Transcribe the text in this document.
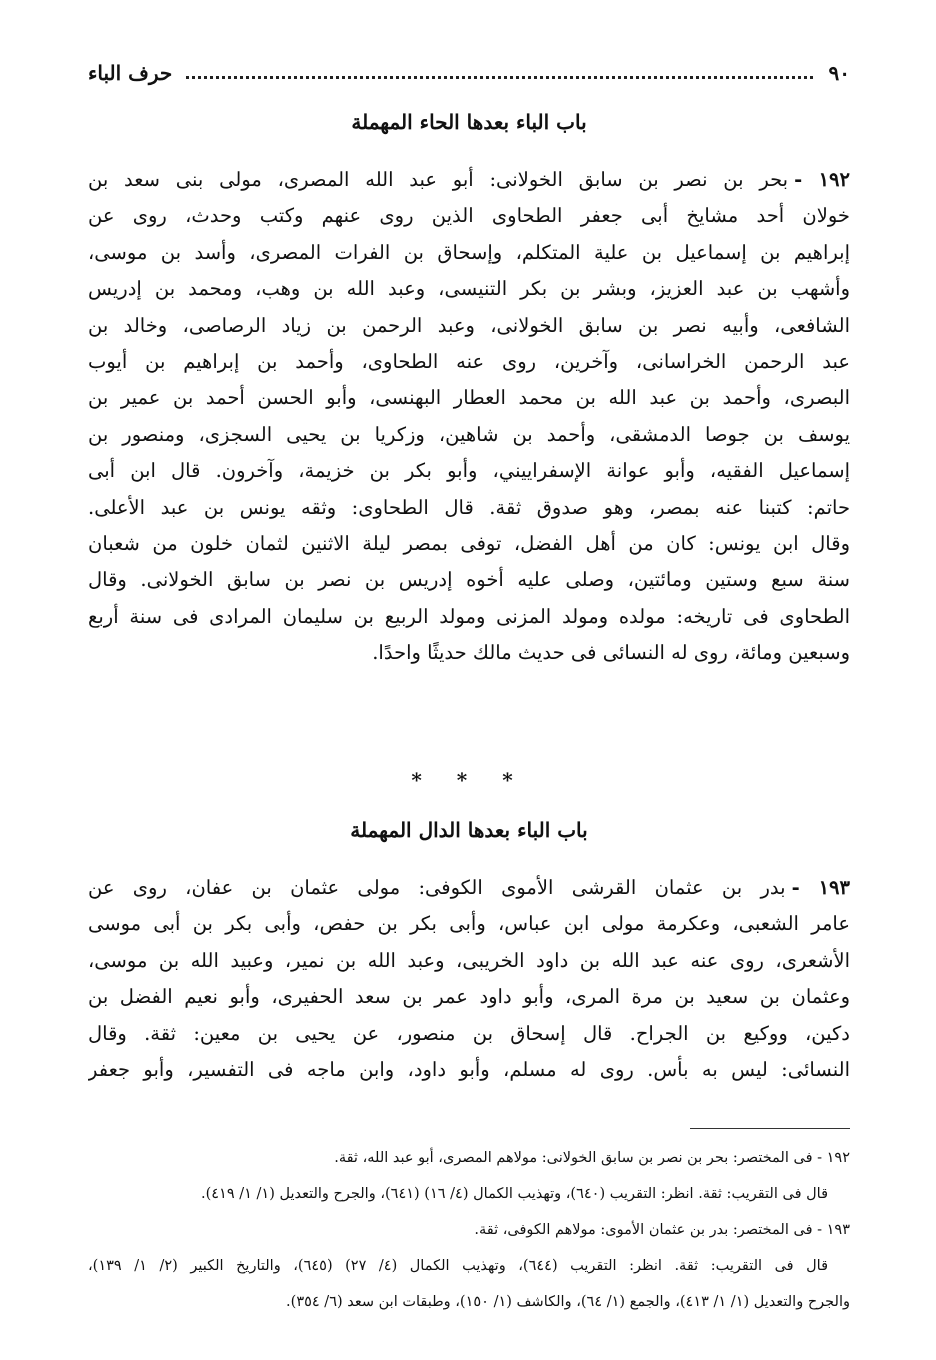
٩٠
حرف الباء
باب الباء بعدها الحاء المهملة
١٩٢ -بحر بن نصر بن سابق الخولانى: أبو عبد الله المصرى، مولى بنى سعد بن
خولان أحد مشايخ أبى جعفر الطحاوى الذين روى عنهم وكتب وحدث، روى عن
إبراهيم بن إسماعيل بن علية المتكلم، وإسحاق بن الفرات المصرى، وأسد بن موسى،
وأشهب بن عبد العزيز، وبشر بن بكر التنيسى، وعبد الله بن وهب، ومحمد بن إدريس
الشافعى، وأبيه نصر بن سابق الخولانى، وعبد الرحمن بن زياد الرصاصى، وخالد بن
عبد الرحمن الخراسانى، وآخرين، روى عنه الطحاوى، وأحمد بن إبراهيم بن أيوب
البصرى، وأحمد بن عبد الله بن محمد العطار البهنسى، وأبو الحسن أحمد بن عمير بن
يوسف بن جوصا الدمشقى، وأحمد بن شاهين، وزكريا بن يحيى السجزى، ومنصور بن
إسماعيل الفقيه، وأبو عوانة الإسفراييني، وأبو بكر بن خزيمة، وآخرون. قال ابن أبى
حاتم: كتبنا عنه بمصر، وهو صدوق ثقة. قال الطحاوى: وثقه يونس بن عبد الأعلى.
وقال ابن يونس: كان من أهل الفضل، توفى بمصر ليلة الاثنين لثمان خلون من شعبان
سنة سبع وستين ومائتين، وصلى عليه أخوه إدريس بن نصر بن سابق الخولانى. وقال
الطحاوى فى تاريخه: مولده ومولد المزنى ومولد الربيع بن سليمان المرادى فى سنة أربع
وسبعين ومائة، روى له النسائى فى حديث مالك حديثًا واحدًا.
* * *
باب الباء بعدها الدال المهملة
١٩٣ -بدر بن عثمان القرشى الأموى الكوفى: مولى عثمان بن عفان، روى عن
عامر الشعبى، وعكرمة مولى ابن عباس، وأبى بكر بن حفص، وأبى بكر بن أبى موسى
الأشعرى، روى عنه عبد الله بن داود الخريبى، وعبد الله بن نمير، وعبيد الله بن موسى،
وعثمان بن سعيد بن مرة المرى، وأبو داود عمر بن سعد الحفيرى، وأبو نعيم الفضل بن
دكين، ووكيع بن الجراح. قال إسحاق بن منصور، عن يحيى بن معين: ثقة. وقال
النسائى: ليس به بأس. روى له مسلم، وأبو داود، وابن ماجه فى التفسير، وأبو جعفر
١٩٢ - فى المختصر: بحر بن نصر بن سابق الخولانى: مولاهم المصرى، أبو عبد الله، ثقة.
قال فى التقريب: ثقة. انظر: التقريب (٦٤٠)، وتهذيب الكمال (٤/ ١٦) (٦٤١)، والجرح والتعديل (١/ ١/ ٤١٩).
١٩٣ - فى المختصر: بدر بن عثمان الأموى: مولاهم الكوفى، ثقة.
قال فى التقريب: ثقة. انظر: التقريب (٦٤٤)، وتهذيب الكمال (٤/ ٢٧) (٦٤٥)، والتاريخ الكبير (٢/ ١/ ١٣٩)،
والجرح والتعديل (١/ ١/ ٤١٣)، والجمع (١/ ٦٤)، والكاشف (١/ ١٥٠)، وطبقات ابن سعد (٦/ ٣٥٤).
